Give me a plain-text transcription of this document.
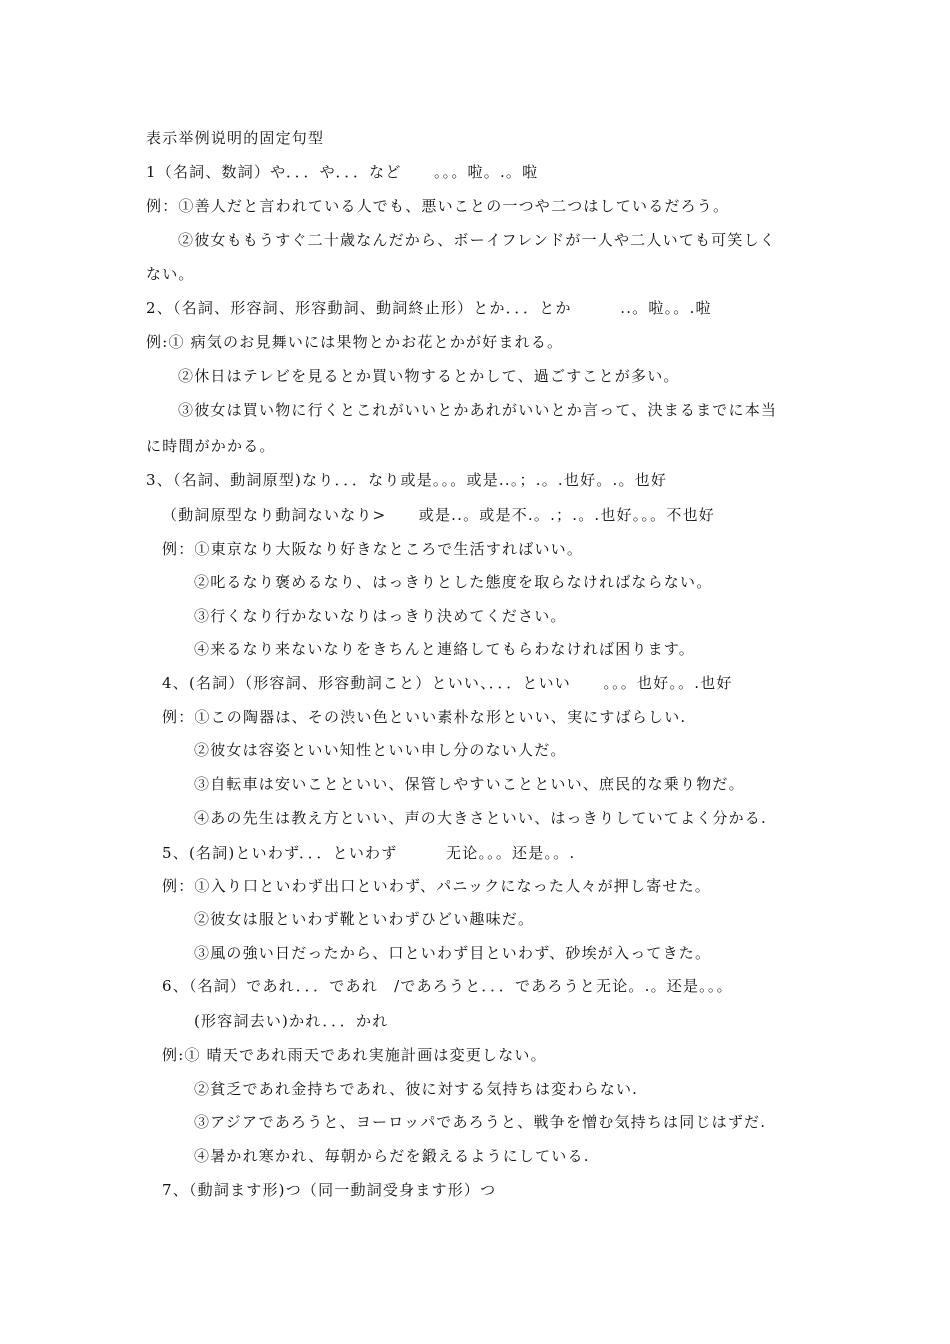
表示举例说明的固定句型
1（名詞、数詞）や．．．や．．．など　　。。。啦。.。啦
例：①善人だと言われている人でも、悪いことの一つや二つはしているだろう。
②彼女ももうすぐ二十歳なんだから、ボーイフレンドが一人や二人いても可笑しく
ない。
2、（名詞、形容詞、形容動詞、動詞終止形）とか．．．とか　　　..。啦。。.啦
例:① 病気のお見舞いには果物とかお花とかが好まれる。
②休日はテレビを見るとか買い物するとかして、過ごすことが多い。
③彼女は買い物に行くとこれがいいとかあれがいいとか言って、決まるまでに本当
に時間がかかる。
3、（名詞、動詞原型)なり．．．なり或是。。。或是..。；.。.也好。.。也好
（動詞原型なり動詞ないなり>　　或是..。或是不.。.；.。.也好。。。不也好
例：①東京なり大阪なり好きなところで生活すればいい。
②叱るなり褒めるなり、はっきりとした態度を取らなければならない。
③行くなり行かないなりはっきり決めてください。
④来るなり来ないなりをきちんと連絡してもらわなければ困ります。
4、(名詞）（形容詞、形容動詞こと）といい、．．．といい　　。。。也好。。.也好
例：①この陶器は、その渋い色といい素朴な形といい、実にすばらしい.
②彼女は容姿といい知性といい申し分のない人だ。
③自転車は安いことといい、保管しやすいことといい、庶民的な乗り物だ。
④あの先生は教え方といい、声の大きさといい、はっきりしていてよく分かる.
5、(名詞)といわず．．．といわず　　　无论。。。还是。。.
例：①入り口といわず出口といわず、パニックになった人々が押し寄せた。
②彼女は服といわず靴といわずひどい趣味だ。
③風の強い日だったから、口といわず目といわず、砂埃が入ってきた。
6、（名詞）であれ．．．であれ　/であろうと．．．であろうと无论。.。还是。。。
(形容詞去い)かれ．．．かれ
例:① 晴天であれ雨天であれ実施計画は変更しない。
②貧乏であれ金持ちであれ、彼に対する気持ちは変わらない.
③アジアであろうと、ヨーロッパであろうと、戦争を憎む気持ちは同じはずだ.
④暑かれ寒かれ、毎朝からだを鍛えるようにしている.
7、（動詞ます形)つ（同一動詞受身ます形）つ
